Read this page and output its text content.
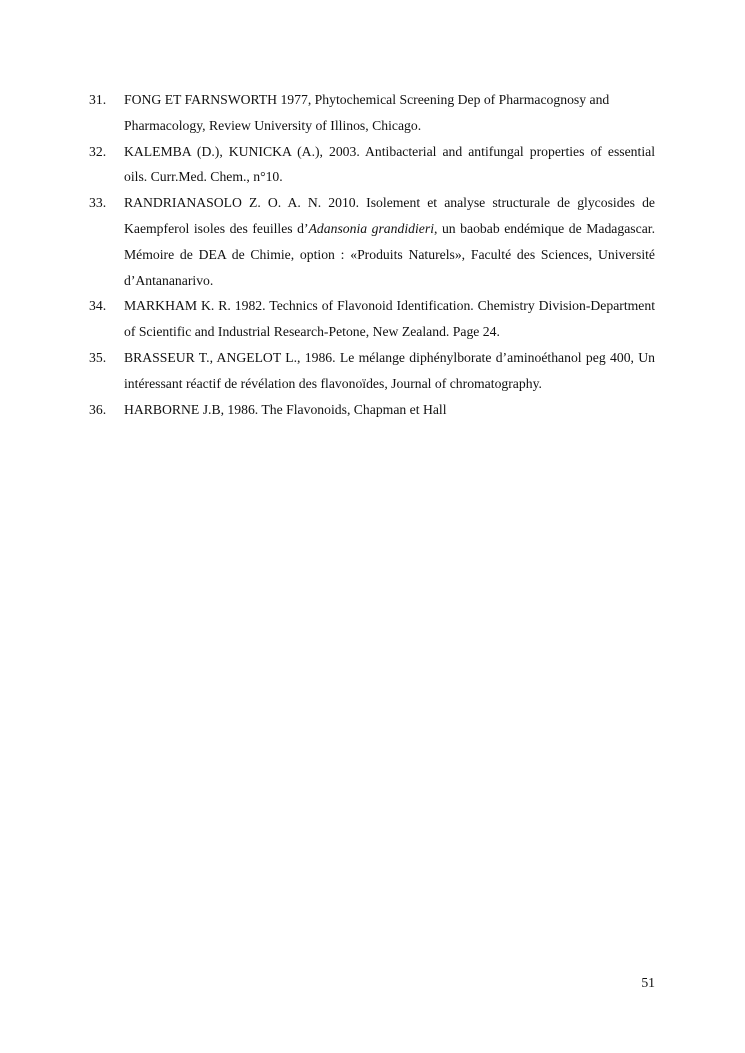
31.	FONG ET FARNSWORTH 1977, Phytochemical Screening Dep of Pharmacognosy and Pharmacology, Review University of Illinos, Chicago.
32.	KALEMBA (D.), KUNICKA (A.), 2003. Antibacterial and antifungal properties of essential oils. Curr.Med. Chem., n°10.
33.	RANDRIANASOLO Z. O. A. N. 2010. Isolement et analyse structurale de glycosides de Kaempferol isoles des feuilles d’Adansonia grandidieri, un baobab endémique de Madagascar. Mémoire de DEA de Chimie, option : «Produits Naturels», Faculté des Sciences, Université d’Antananarivo.
34.	MARKHAM K. R. 1982. Technics of Flavonoid Identification. Chemistry Division-Department of Scientific and Industrial Research-Petone, New Zealand. Page 24.
35.	BRASSEUR T., ANGELOT L., 1986. Le mélange diphénylborate d’aminoéthanol peg 400, Un intéressant réactif de révélation des flavonoïdes, Journal of chromatography.
36.	HARBORNE J.B, 1986. The Flavonoids, Chapman et Hall
51
